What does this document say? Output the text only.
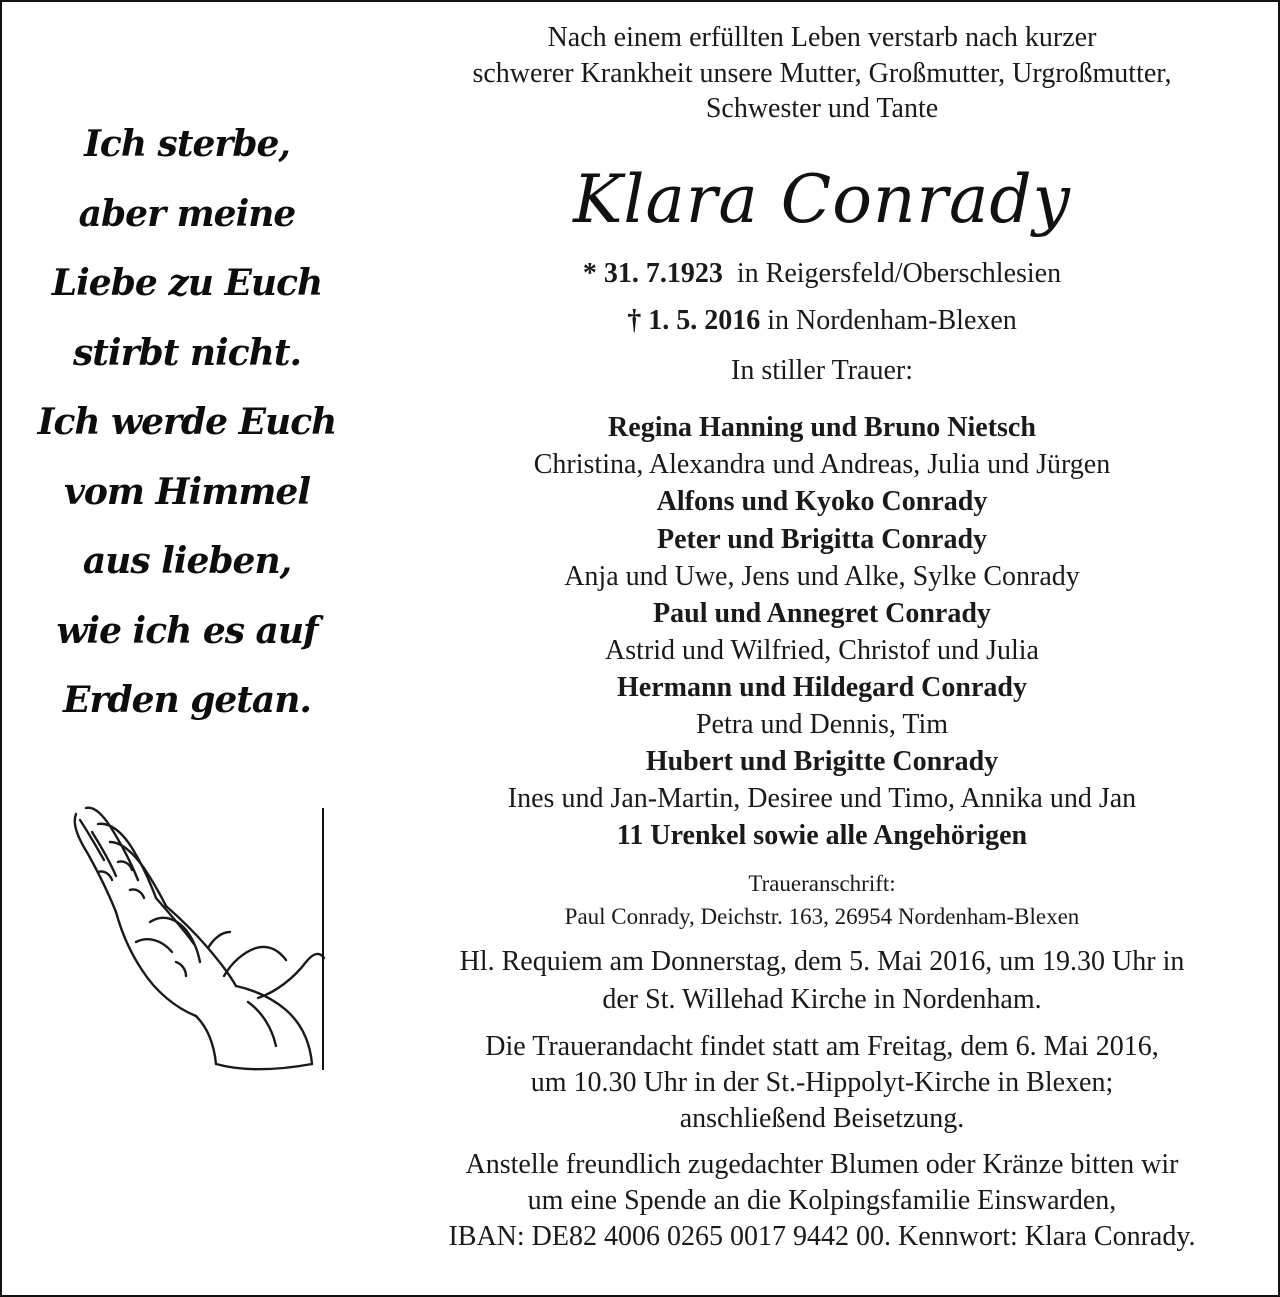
Ich sterbe,
aber meine
Liebe zu Euch
stirbt nicht.
Ich werde Euch
vom Himmel
aus lieben,
wie ich es auf
Erden getan.

Nach einem erfüllten Leben verstarb nach kurzer

schwerer Krankheit unsere Mutter, Großmutter, Urgroßmutter,

Schwester und Tante

Klara Conrady

* 31. 7.1923 in Reigersfeld/Oberschlesien

† 1. 5. 2016 in Nordenham-Blexen

In stiller Trauer:

Regina Hanning und Bruno Nietsch

Christina, Alexandra und Andreas, Julia und Jürgen

Alfons und Kyoko Conrady

Peter und Brigitta Conrady

Anja und Uwe, Jens und Alke, Sylke Conrady

Paul und Annegret Conrady

Astrid und Wilfried, Christof und Julia

Hermann und Hildegard Conrady

Petra und Dennis, Tim

Hubert und Brigitte Conrady

Ines und Jan-Martin, Desiree und Timo, Annika und Jan

11 Urenkel sowie alle Angehörigen

Traueranschrift:

Paul Conrady, Deichstr. 163, 26954 Nordenham-Blexen

Hl. Requiem am Donnerstag, dem 5. Mai 2016, um 19.30 Uhr in

der St. Willehad Kirche in Nordenham.

Die Trauerandacht findet statt am Freitag, dem 6. Mai 2016,

um 10.30 Uhr in der St.-Hippolyt-Kirche in Blexen;

anschließend Beisetzung.

Anstelle freundlich zugedachter Blumen oder Kränze bitten wir

um eine Spende an die Kolpingsfamilie Einswarden,

IBAN: DE82 4006 0265 0017 9442 00. Kennwort: Klara Conrady.
